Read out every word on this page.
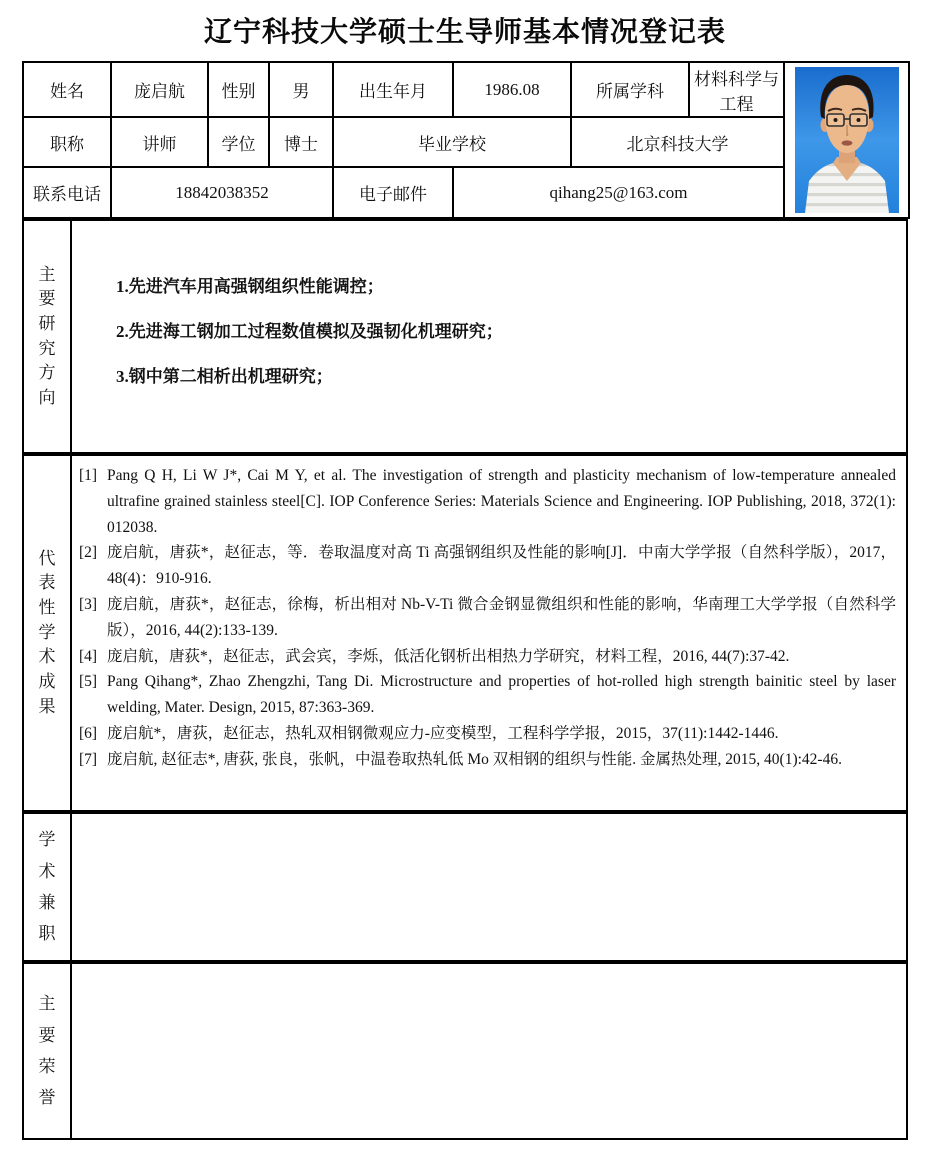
辽宁科技大学硕士生导师基本情况登记表
姓名	庞启航	性别	男	出生年月	1986.08	所属学科	材料科学与工程	

职称	讲师	学位	博士	毕业学校		北京科技大学		
联系电话	18842038352			电子邮件	qihang25@163.com			
主
要
研
究
方
向
1.先进汽车用高强钢组织性能调控；
2.先进海工钢加工过程数值模拟及强韧化机理研究；
3.钢中第二相析出机理研究；
代
表
性
学
术
成
果
[1] Pang Q H, Li W J*, Cai M Y, et al. The investigation of strength and plasticity mechanism of low-temperature annealed ultrafine grained stainless steel[C]. IOP Conference Series: Materials Science and Engineering. IOP Publishing, 2018, 372(1): 012038.
[2] 庞启航，唐荻*，赵征志，等．卷取温度对高 Ti 高强钢组织及性能的影响[J]．中南大学学报（自然科学版），2017，48(4)：910-916.
[3] 庞启航，唐荻*，赵征志，徐梅，析出相对 Nb-V-Ti 微合金钢显微组织和性能的影响，华南理工大学学报（自然科学版），2016, 44(2):133-139.
[4] 庞启航，唐荻*，赵征志，武会宾，李烁，低活化钢析出相热力学研究，材料工程，2016, 44(7):37-42.
[5] Pang Qihang*, Zhao Zhengzhi, Tang Di. Microstructure and properties of hot-rolled high strength bainitic steel by laser welding, Mater. Design, 2015, 87:363-369.
[6] 庞启航*，唐荻，赵征志，热轧双相钢微观应力-应变模型，工程科学学报，2015，37(11):1442-1446.
[7] 庞启航, 赵征志*, 唐荻, 张良，张帆，中温卷取热轧低 Mo 双相钢的组织与性能. 金属热处理, 2015, 40(1):42-46.
学
术
兼
职
主
要
荣
誉
